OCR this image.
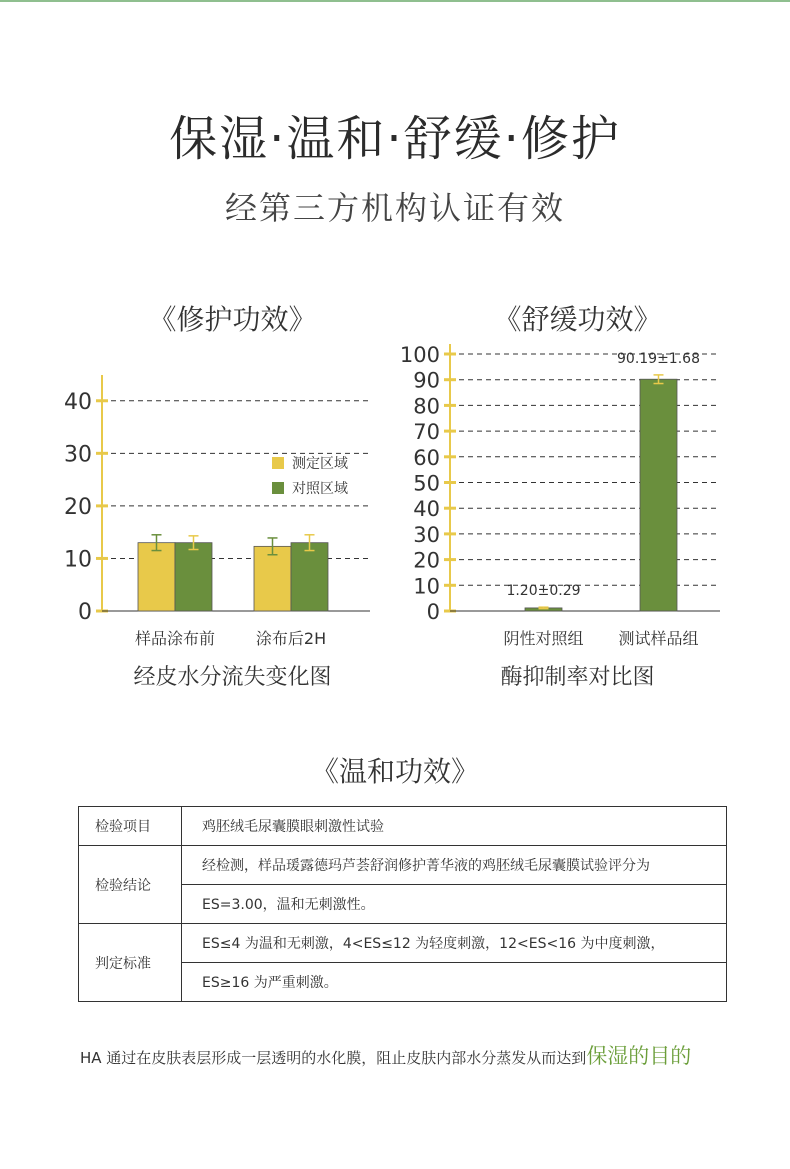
保湿·温和·舒缓·修护
经第三方机构认证有效
《修护功效》
0
10
20
30
40
样品涂布前	涂布后2H
测定区域
对照区域
经皮水分流失变化图
《舒缓功效》
0
10
20
30
40
50
60
70
80
90
100
1.20±0.29
阴性对照组
90.19±1.68
测试样品组
酶抑制率对比图
《温和功效》
检验项目	鸡胚绒毛尿囊膜眼刺激性试验
检验结论	经检测，样品瑗露德玛芦荟舒润修护菁华液的鸡胚绒毛尿囊膜试验评分为
	ES=3.00，温和无刺激性。
判定标准	ES≤4 为温和无刺激，4<ES≤12 为轻度刺激，12<ES<16 为中度刺激，
	ES≥16 为严重刺激。
HA 通过在皮肤表层形成一层透明的水化膜，阻止皮肤内部水分蒸发从而达到保湿的目的
